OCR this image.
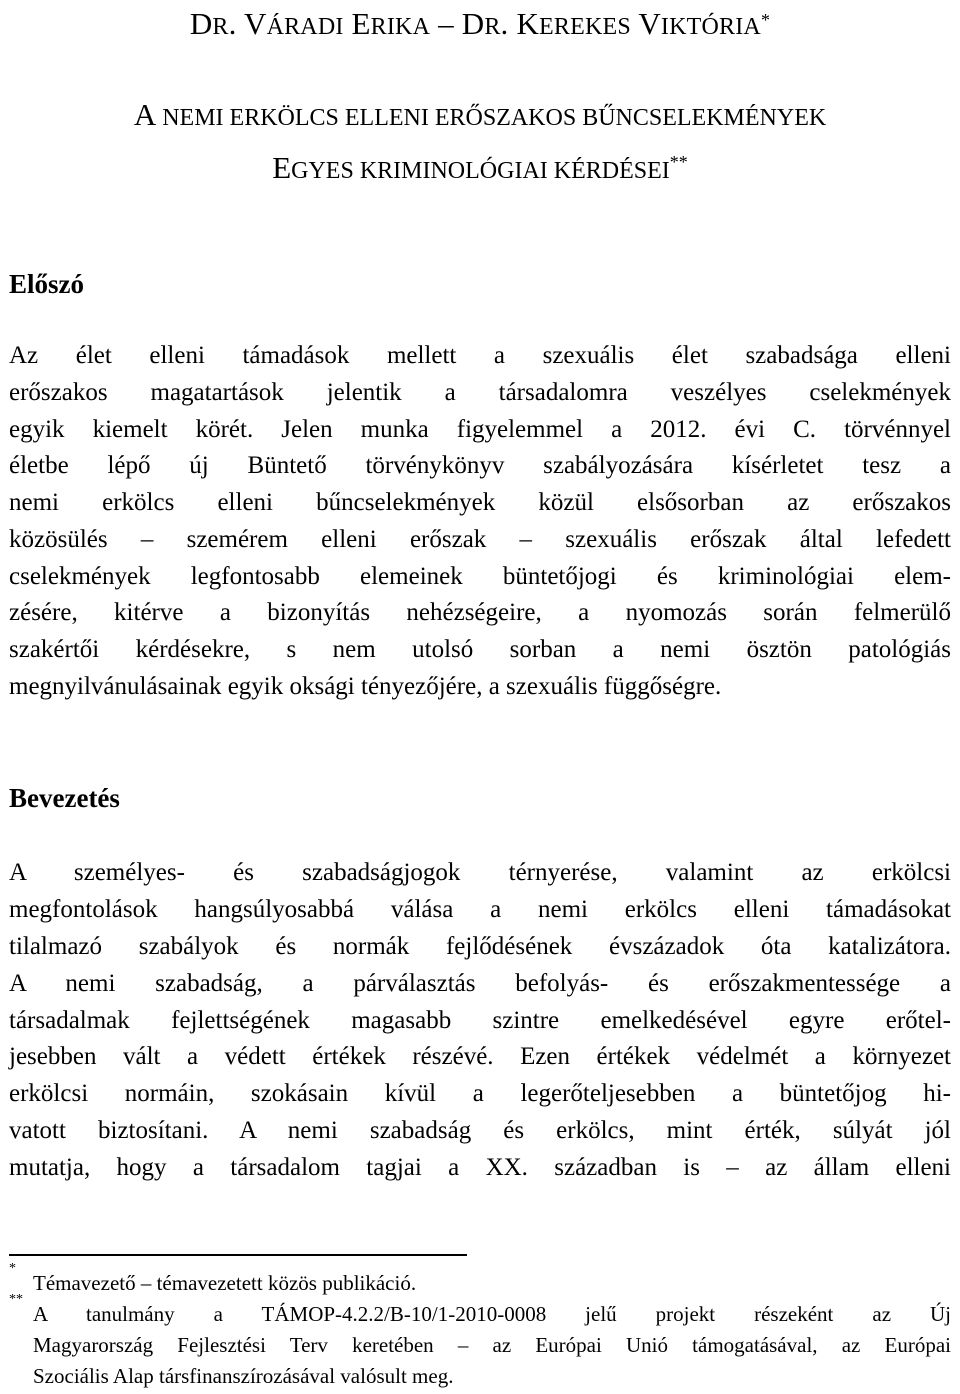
DR. VÁRADI ERIKA – DR. KEREKES VIKTÓRIA*
A NEMI ERKÖLCS ELLENI ERŐSZAKOS BŰNCSELEKMÉNYEK
EGYES KRIMINOLÓGIAI KÉRDÉSEI**
Előszó
Az élet elleni támadások mellett a szexuális élet szabadsága elleni
erőszakos magatartások jelentik a társadalomra veszélyes cselekmények
egyik kiemelt körét. Jelen munka figyelemmel a 2012. évi C. törvénnyel
életbe lépő új Büntető törvénykönyv szabályozására kísérletet tesz a
nemi erkölcs elleni bűncselekmények közül elsősorban az erőszakos
közösülés – szemérem elleni erőszak – szexuális erőszak által lefedett
cselekmények legfontosabb elemeinek büntetőjogi és kriminológiai elem-
zésére, kitérve a bizonyítás nehézségeire, a nyomozás során felmerülő
szakértői kérdésekre, s nem utolsó sorban a nemi ösztön patológiás
megnyilvánulásainak egyik oksági tényezőjére, a szexuális függőségre.
Bevezetés
A személyes- és szabadságjogok térnyerése, valamint az erkölcsi
megfontolások hangsúlyosabbá válása a nemi erkölcs elleni támadásokat
tilalmazó szabályok és normák fejlődésének évszázadok óta katalizátora.
A nemi szabadság, a párválasztás befolyás- és erőszakmentessége a
társadalmak fejlettségének magasabb szintre emelkedésével egyre erőtel-
jesebben vált a védett értékek részévé. Ezen értékek védelmét a környezet
erkölcsi normáin, szokásain kívül a legerőteljesebben a büntetőjog hi-
vatott biztosítani. A nemi szabadság és erkölcs, mint érték, súlyát jól
mutatja, hogy a társadalom tagjai a XX. században is – az állam elleni
*
Témavezető – témavezetett közös publikáció.
**
A tanulmány a TÁMOP-4.2.2/B-10/1-2010-0008 jelű projekt részeként az Új
Magyarország Fejlesztési Terv keretében – az Európai Unió támogatásával, az Európai
Szociális Alap társfinanszírozásával valósult meg.
